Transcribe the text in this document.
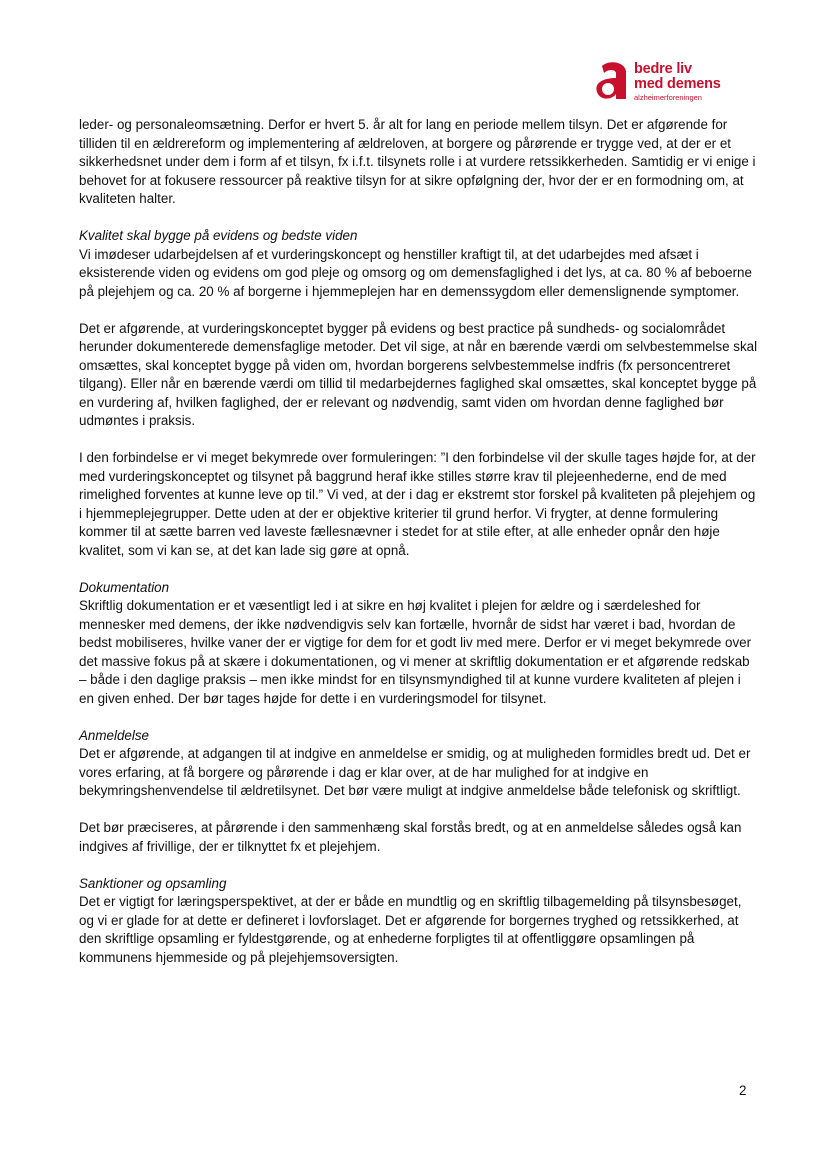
bedre liv
med demens
alzheimerforeningen

leder- og personaleomsætning. Derfor er hvert 5. år alt for lang en periode mellem tilsyn. Det er afgørende for tilliden til en ældrereform og implementering af ældreloven, at borgere og pårørende er trygge ved, at der er et sikkerhedsnet under dem i form af et tilsyn, fx i.f.t. tilsynets rolle i at vurdere retssikkerheden. Samtidig er vi enige i behovet for at fokusere ressourcer på reaktive tilsyn for at sikre opfølgning der, hvor der er en formodning om, at kvaliteten halter.

Kvalitet skal bygge på evidens og bedste viden
Vi imødeser udarbejdelsen af et vurderingskoncept og henstiller kraftigt til, at det udarbejdes med afsæt i eksisterende viden og evidens om god pleje og omsorg og om demensfaglighed i det lys, at ca. 80 % af beboerne på plejehjem og ca. 20 % af borgerne i hjemmeplejen har en demenssygdom eller demenslignende symptomer.

Det er afgørende, at vurderingskonceptet bygger på evidens og best practice på sundheds- og socialområdet herunder dokumenterede demensfaglige metoder. Det vil sige, at når en bærende værdi om selvbestemmelse skal omsættes, skal konceptet bygge på viden om, hvordan borgerens selvbestemmelse indfris (fx personcentreret tilgang). Eller når en bærende værdi om tillid til medarbejdernes faglighed skal omsættes, skal konceptet bygge på en vurdering af, hvilken faglighed, der er relevant og nødvendig, samt viden om hvordan denne faglighed bør udmøntes i praksis.

I den forbindelse er vi meget bekymrede over formuleringen: ”I den forbindelse vil der skulle tages højde for, at der med vurderingskonceptet og tilsynet på baggrund heraf ikke stilles større krav til plejeenhederne, end de med rimelighed forventes at kunne leve op til.” Vi ved, at der i dag er ekstremt stor forskel på kvaliteten på plejehjem og i hjemmeplejegrupper. Dette uden at der er objektive kriterier til grund herfor. Vi frygter, at denne formulering kommer til at sætte barren ved laveste fællesnævner i stedet for at stile efter, at alle enheder opnår den høje kvalitet, som vi kan se, at det kan lade sig gøre at opnå.

Dokumentation
Skriftlig dokumentation er et væsentligt led i at sikre en høj kvalitet i plejen for ældre og i særdeleshed for mennesker med demens, der ikke nødvendigvis selv kan fortælle, hvornår de sidst har været i bad, hvordan de bedst mobiliseres, hvilke vaner der er vigtige for dem for et godt liv med mere. Derfor er vi meget bekymrede over det massive fokus på at skære i dokumentationen, og vi mener at skriftlig dokumentation er et afgørende redskab – både i den daglige praksis – men ikke mindst for en tilsynsmyndighed til at kunne vurdere kvaliteten af plejen i en given enhed. Der bør tages højde for dette i en vurderingsmodel for tilsynet.

Anmeldelse
Det er afgørende, at adgangen til at indgive en anmeldelse er smidig, og at muligheden formidles bredt ud. Det er vores erfaring, at få borgere og pårørende i dag er klar over, at de har mulighed for at indgive en bekymringshenvendelse til ældretilsynet. Det bør være muligt at indgive anmeldelse både telefonisk og skriftligt.

Det bør præciseres, at pårørende i den sammenhæng skal forstås bredt, og at en anmeldelse således også kan indgives af frivillige, der er tilknyttet fx et plejehjem.

Sanktioner og opsamling
Det er vigtigt for læringsperspektivet, at der er både en mundtlig og en skriftlig tilbagemelding på tilsynsbesøget, og vi er glade for at dette er defineret i lovforslaget. Det er afgørende for borgernes tryghed og retssikkerhed, at den skriftlige opsamling er fyldestgørende, og at enhederne forpligtes til at offentliggøre opsamlingen på kommunens hjemmeside og på plejehjemsoversigten.

2
